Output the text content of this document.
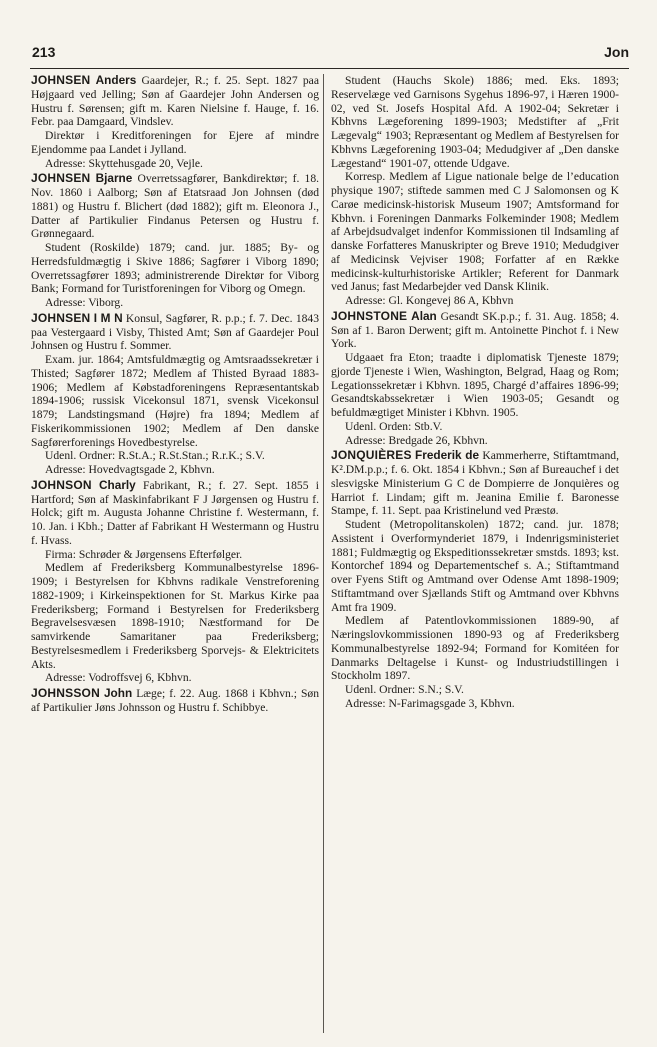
213	Jon

JOHNSEN Anders Gaardejer, R.; f. 25. Sept. 1827 paa Højgaard ved Jelling; Søn af Gaardejer John Andersen og Hustru f. Sørensen; gift m. Karen Nielsine f. Hauge, f. 16. Febr. paa Damgaard, Vindslev.

Direktør i Kreditforeningen for Ejere af mindre Ejendomme paa Landet i Jylland.

Adresse: Skyttehusgade 20, Vejle.

JOHNSEN Bjarne Overretssagfører, Bankdirektør; f. 18. Nov. 1860 i Aalborg; Søn af Etatsraad Jon Johnsen (død 1881) og Hustru f. Blichert (død 1882); gift m. Eleonora J., Datter af Partikulier Findanus Petersen og Hustru f. Grønnegaard.

Student (Roskilde) 1879; cand. jur. 1885; By- og Herredsfuldmægtig i Skive 1886; Sagfører i Viborg 1890; Overretssagfører 1893; administrerende Direktør for Viborg Bank; Formand for Turistforeningen for Viborg og Omegn.

Adresse: Viborg.

JOHNSEN I M N Konsul, Sagfører, R. p.p.; f. 7. Dec. 1843 paa Vestergaard i Visby, Thisted Amt; Søn af Gaardejer Poul Johnsen og Hustru f. Sommer.

Exam. jur. 1864; Amtsfuldmægtig og Amtsraadssekretær i Thisted; Sagfører 1872; Medlem af Thisted Byraad 1883-1906; Medlem af Købstadforeningens Repræsentantskab 1894-1906; russisk Vicekonsul 1871, svensk Vicekonsul 1879; Landstingsmand (Højre) fra 1894; Medlem af Fiskerikommissionen 1902; Medlem af Den danske Sagførerforenings Hovedbestyrelse.

Udenl. Ordner: R.St.A.; R.St.Stan.; R.r.K.; S.V.

Adresse: Hovedvagtsgade 2, Kbhvn.

JOHNSON Charly Fabrikant, R.; f. 27. Sept. 1855 i Hartford; Søn af Maskinfabrikant F J Jørgensen og Hustru f. Holck; gift m. Augusta Johanne Christine f. Westermann, f. 10. Jan. i Kbh.; Datter af Fabrikant H Westermann og Hustru f. Hvass.

Firma: Schrøder & Jørgensens Efterfølger.

Medlem af Frederiksberg Kommunalbestyrelse 1896-1909; i Bestyrelsen for Kbhvns radikale Venstreforening 1882-1909; i Kirkeinspektionen for St. Markus Kirke paa Frederiksberg; Formand i Bestyrelsen for Frederiksberg Begravelsesvæsen 1898-1910; Næstformand for De samvirkende Samaritaner paa Frederiksberg; Bestyrelsesmedlem i Frederiksberg Sporvejs- & Elektricitets Akts.

Adresse: Vodroffsvej 6, Kbhvn.

JOHNSSON John Læge; f. 22. Aug. 1868 i Kbhvn.; Søn af Partikulier Jøns Johnsson og Hustru f. Schibbye.

Student (Hauchs Skole) 1886; med. Eks. 1893; Reservelæge ved Garnisons Sygehus 1896-97, i Hæren 1900-02, ved St. Josefs Hospital Afd. A 1902-04; Sekretær i Kbhvns Lægeforening 1899-1903; Medstifter af „Frit Lægevalg“ 1903; Repræsentant og Medlem af Bestyrelsen for Kbhvns Lægeforening 1903-04; Medudgiver af „Den danske Lægestand“ 1901-07, ottende Udgave.

Korresp. Medlem af Ligue nationale belge de l’education physique 1907; stiftede sammen med C J Salomonsen og K Carøe medicinsk-historisk Museum 1907; Amtsformand for Kbhvn. i Foreningen Danmarks Folkeminder 1908; Medlem af Arbejdsudvalget indenfor Kommissionen til Indsamling af danske Forfatteres Manuskripter og Breve 1910; Medudgiver af Medicinsk Vejviser 1908; Forfatter af en Række medicinsk-kulturhistoriske Artikler; Referent for Danmark ved Janus; fast Medarbejder ved Dansk Klinik.

Adresse: Gl. Kongevej 86 A, Kbhvn

JOHNSTONE Alan Gesandt SK.p.p.; f. 31. Aug. 1858; 4. Søn af 1. Baron Derwent; gift m. Antoinette Pinchot f. i New York.

Udgaaet fra Eton; traadte i diplomatisk Tjeneste 1879; gjorde Tjeneste i Wien, Washington, Belgrad, Haag og Rom; Legationssekretær i Kbhvn. 1895, Chargé d’affaires 1896-99; Gesandtskabssekretær i Wien 1903-05; Gesandt og befuldmægtiget Minister i Kbhvn. 1905.

Udenl. Orden: Stb.V.

Adresse: Bredgade 26, Kbhvn.

JONQUIÈRES Frederik de Kammerherre, Stiftamtmand, K².DM.p.p.; f. 6. Okt. 1854 i Kbhvn.; Søn af Bureauchef i det slesvigske Ministerium G C de Dompierre de Jonquières og Harriot f. Lindam; gift m. Jeanina Emilie f. Baronesse Stampe, f. 11. Sept. paa Kristinelund ved Præstø.

Student (Metropolitanskolen) 1872; cand. jur. 1878; Assistent i Overformynderiet 1879, i Indenrigsministeriet 1881; Fuldmægtig og Ekspeditionssekretær smstds. 1893; kst. Kontorchef 1894 og Departementschef s. A.; Stiftamtmand over Fyens Stift og Amtmand over Odense Amt 1898-1909; Stiftamtmand over Sjællands Stift og Amtmand over Kbhvns Amt fra 1909.

Medlem af Patentlovkommissionen 1889-90, af Næringslovkommissionen 1890-93 og af Frederiksberg Kommunalbestyrelse 1892-94; Formand for Komitéen for Danmarks Deltagelse i Kunst- og Industriudstillingen i Stockholm 1897.

Udenl. Ordner: S.N.; S.V.

Adresse: N-Farimagsgade 3, Kbhvn.
